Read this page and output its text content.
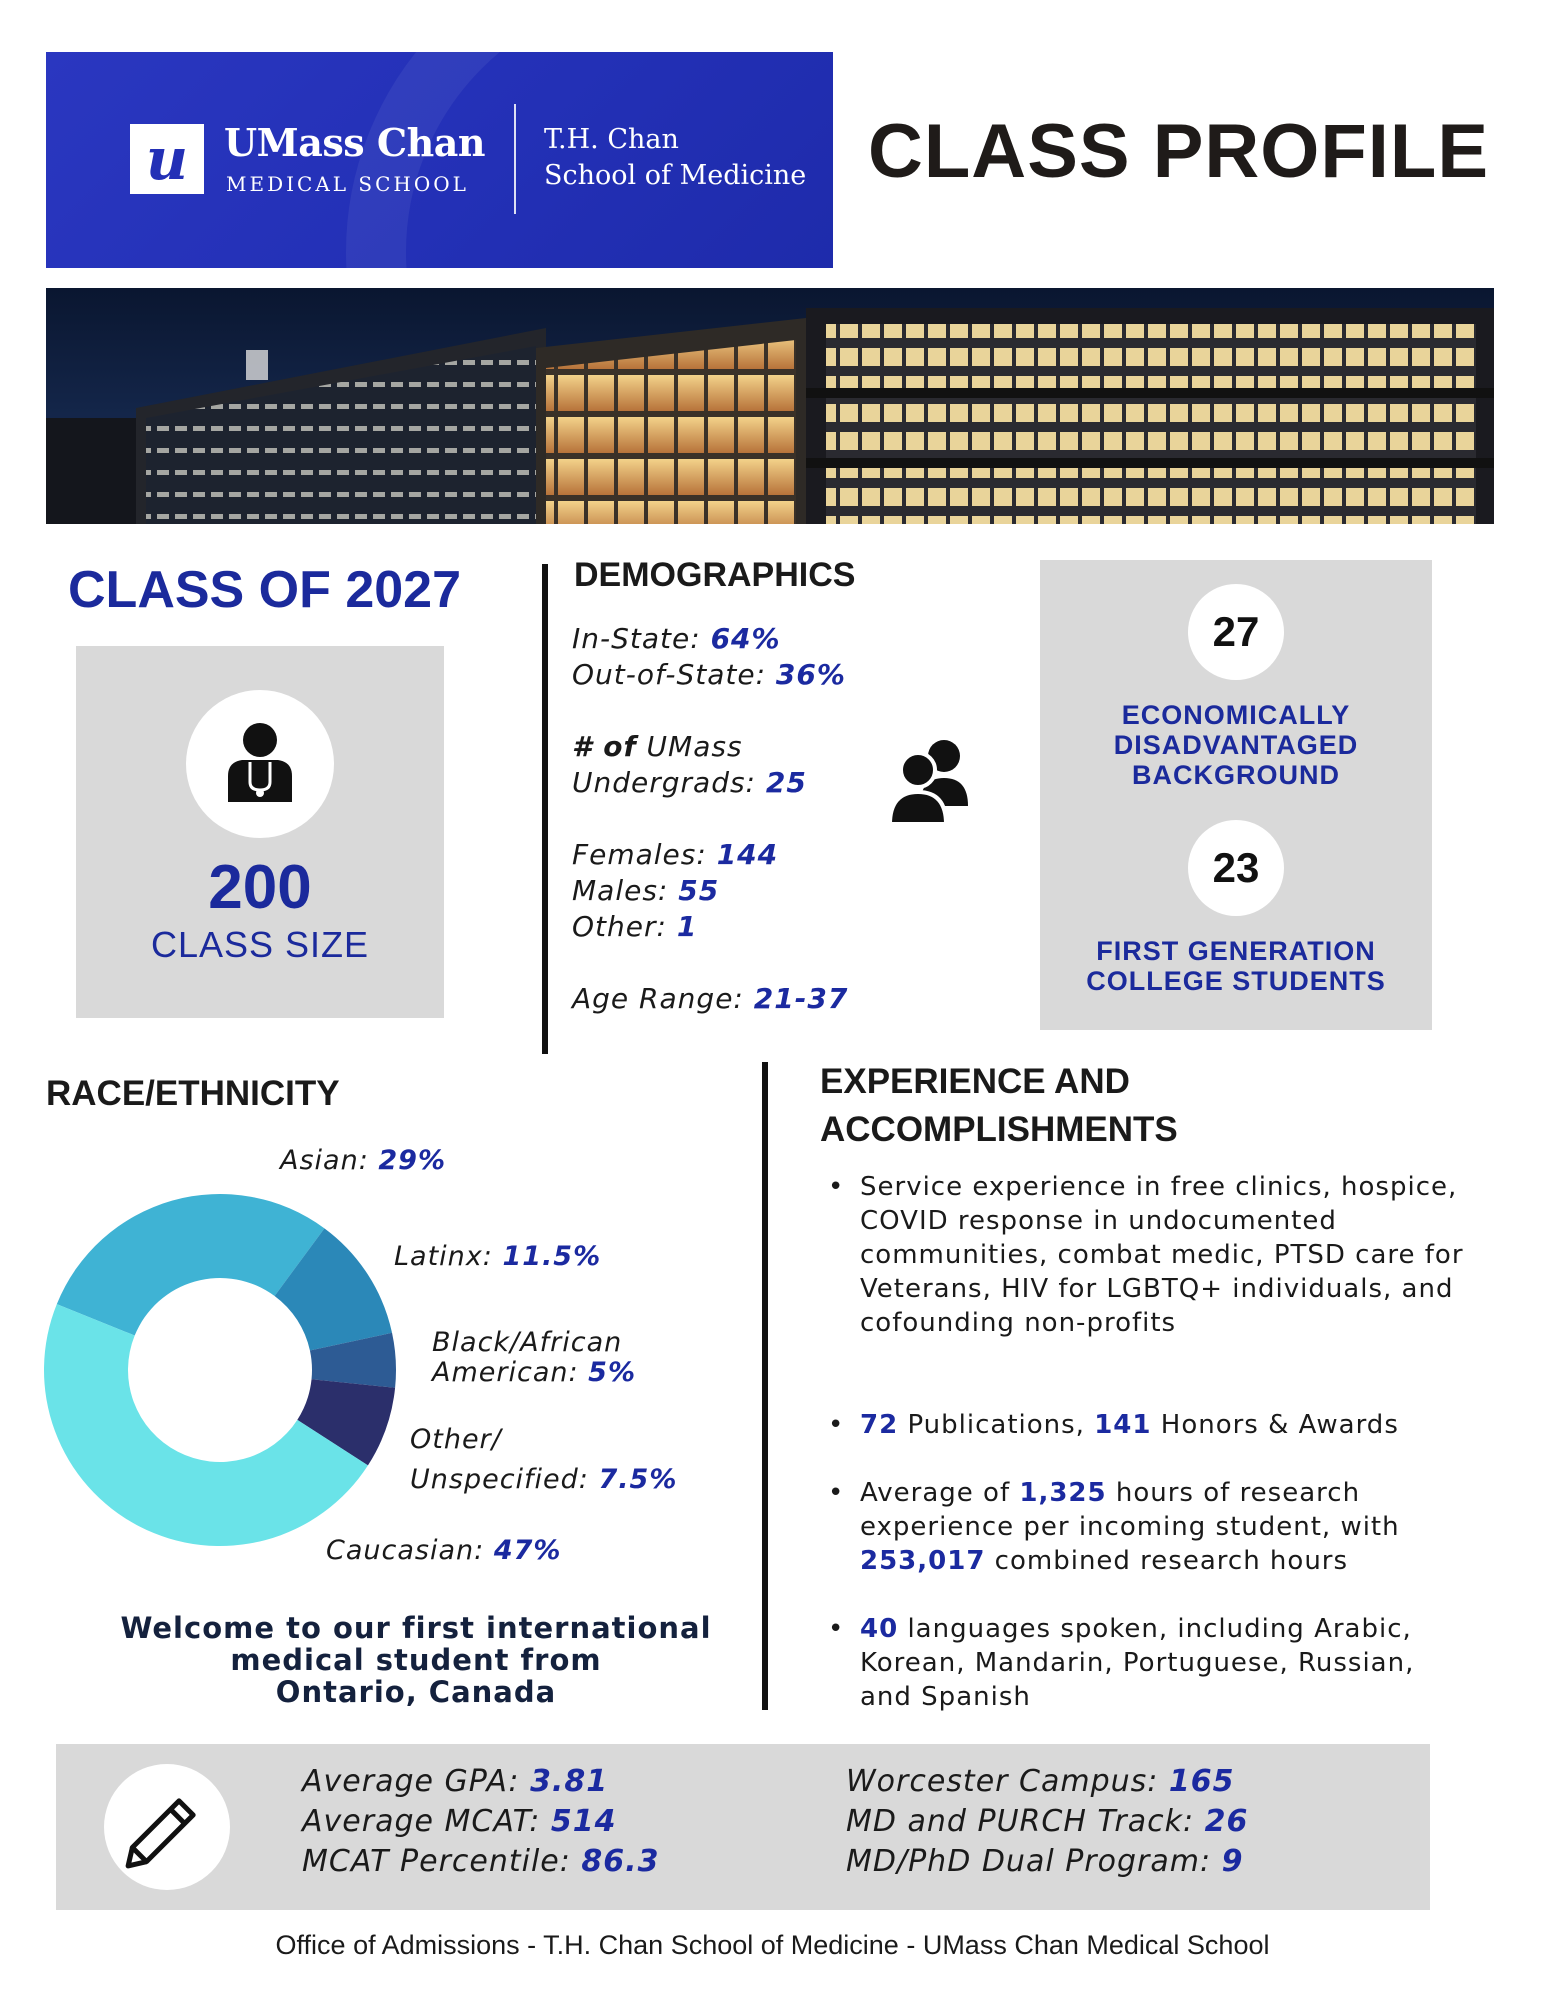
u UMass Chan
MEDICAL SCHOOL
T.H. Chan
School of Medicine CLASS PROFILE
CLASS OF 2027
200
CLASS SIZE
DEMOGRAPHICS
In-State: 64%
Out-of-State: 36%
# of UMass
Undergrads: 25
Females: 144
Males: 55
Other: 1
Age Range: 21-37
27
ECONOMICALLY
DISADVANTAGED
BACKGROUND
23
FIRST GENERATION
COLLEGE STUDENTS
RACE/ETHNICITY
Asian: 29%
Latinx: 11.5%
Black/African
American: 5%
Other/
Unspecified: 7.5%
Caucasian: 47%
Welcome to our first international
medical student from
Ontario, Canada
EXPERIENCE AND
ACCOMPLISHMENTS
• Service experience in free clinics, hospice, COVID response in undocumented communities, combat medic, PTSD care for Veterans, HIV for LGBTQ+ individuals, and cofounding non-profits
• 72 Publications, 141 Honors & Awards
• Average of 1,325 hours of research experience per incoming student, with 253,017 combined research hours
• 40 languages spoken, including Arabic, Korean, Mandarin, Portuguese, Russian, and Spanish
Average GPA: 3.81
Average MCAT: 514
MCAT Percentile: 86.3
Worcester Campus: 165
MD and PURCH Track: 26
MD/PhD Dual Program: 9
Office of Admissions - T.H. Chan School of Medicine - UMass Chan Medical School
